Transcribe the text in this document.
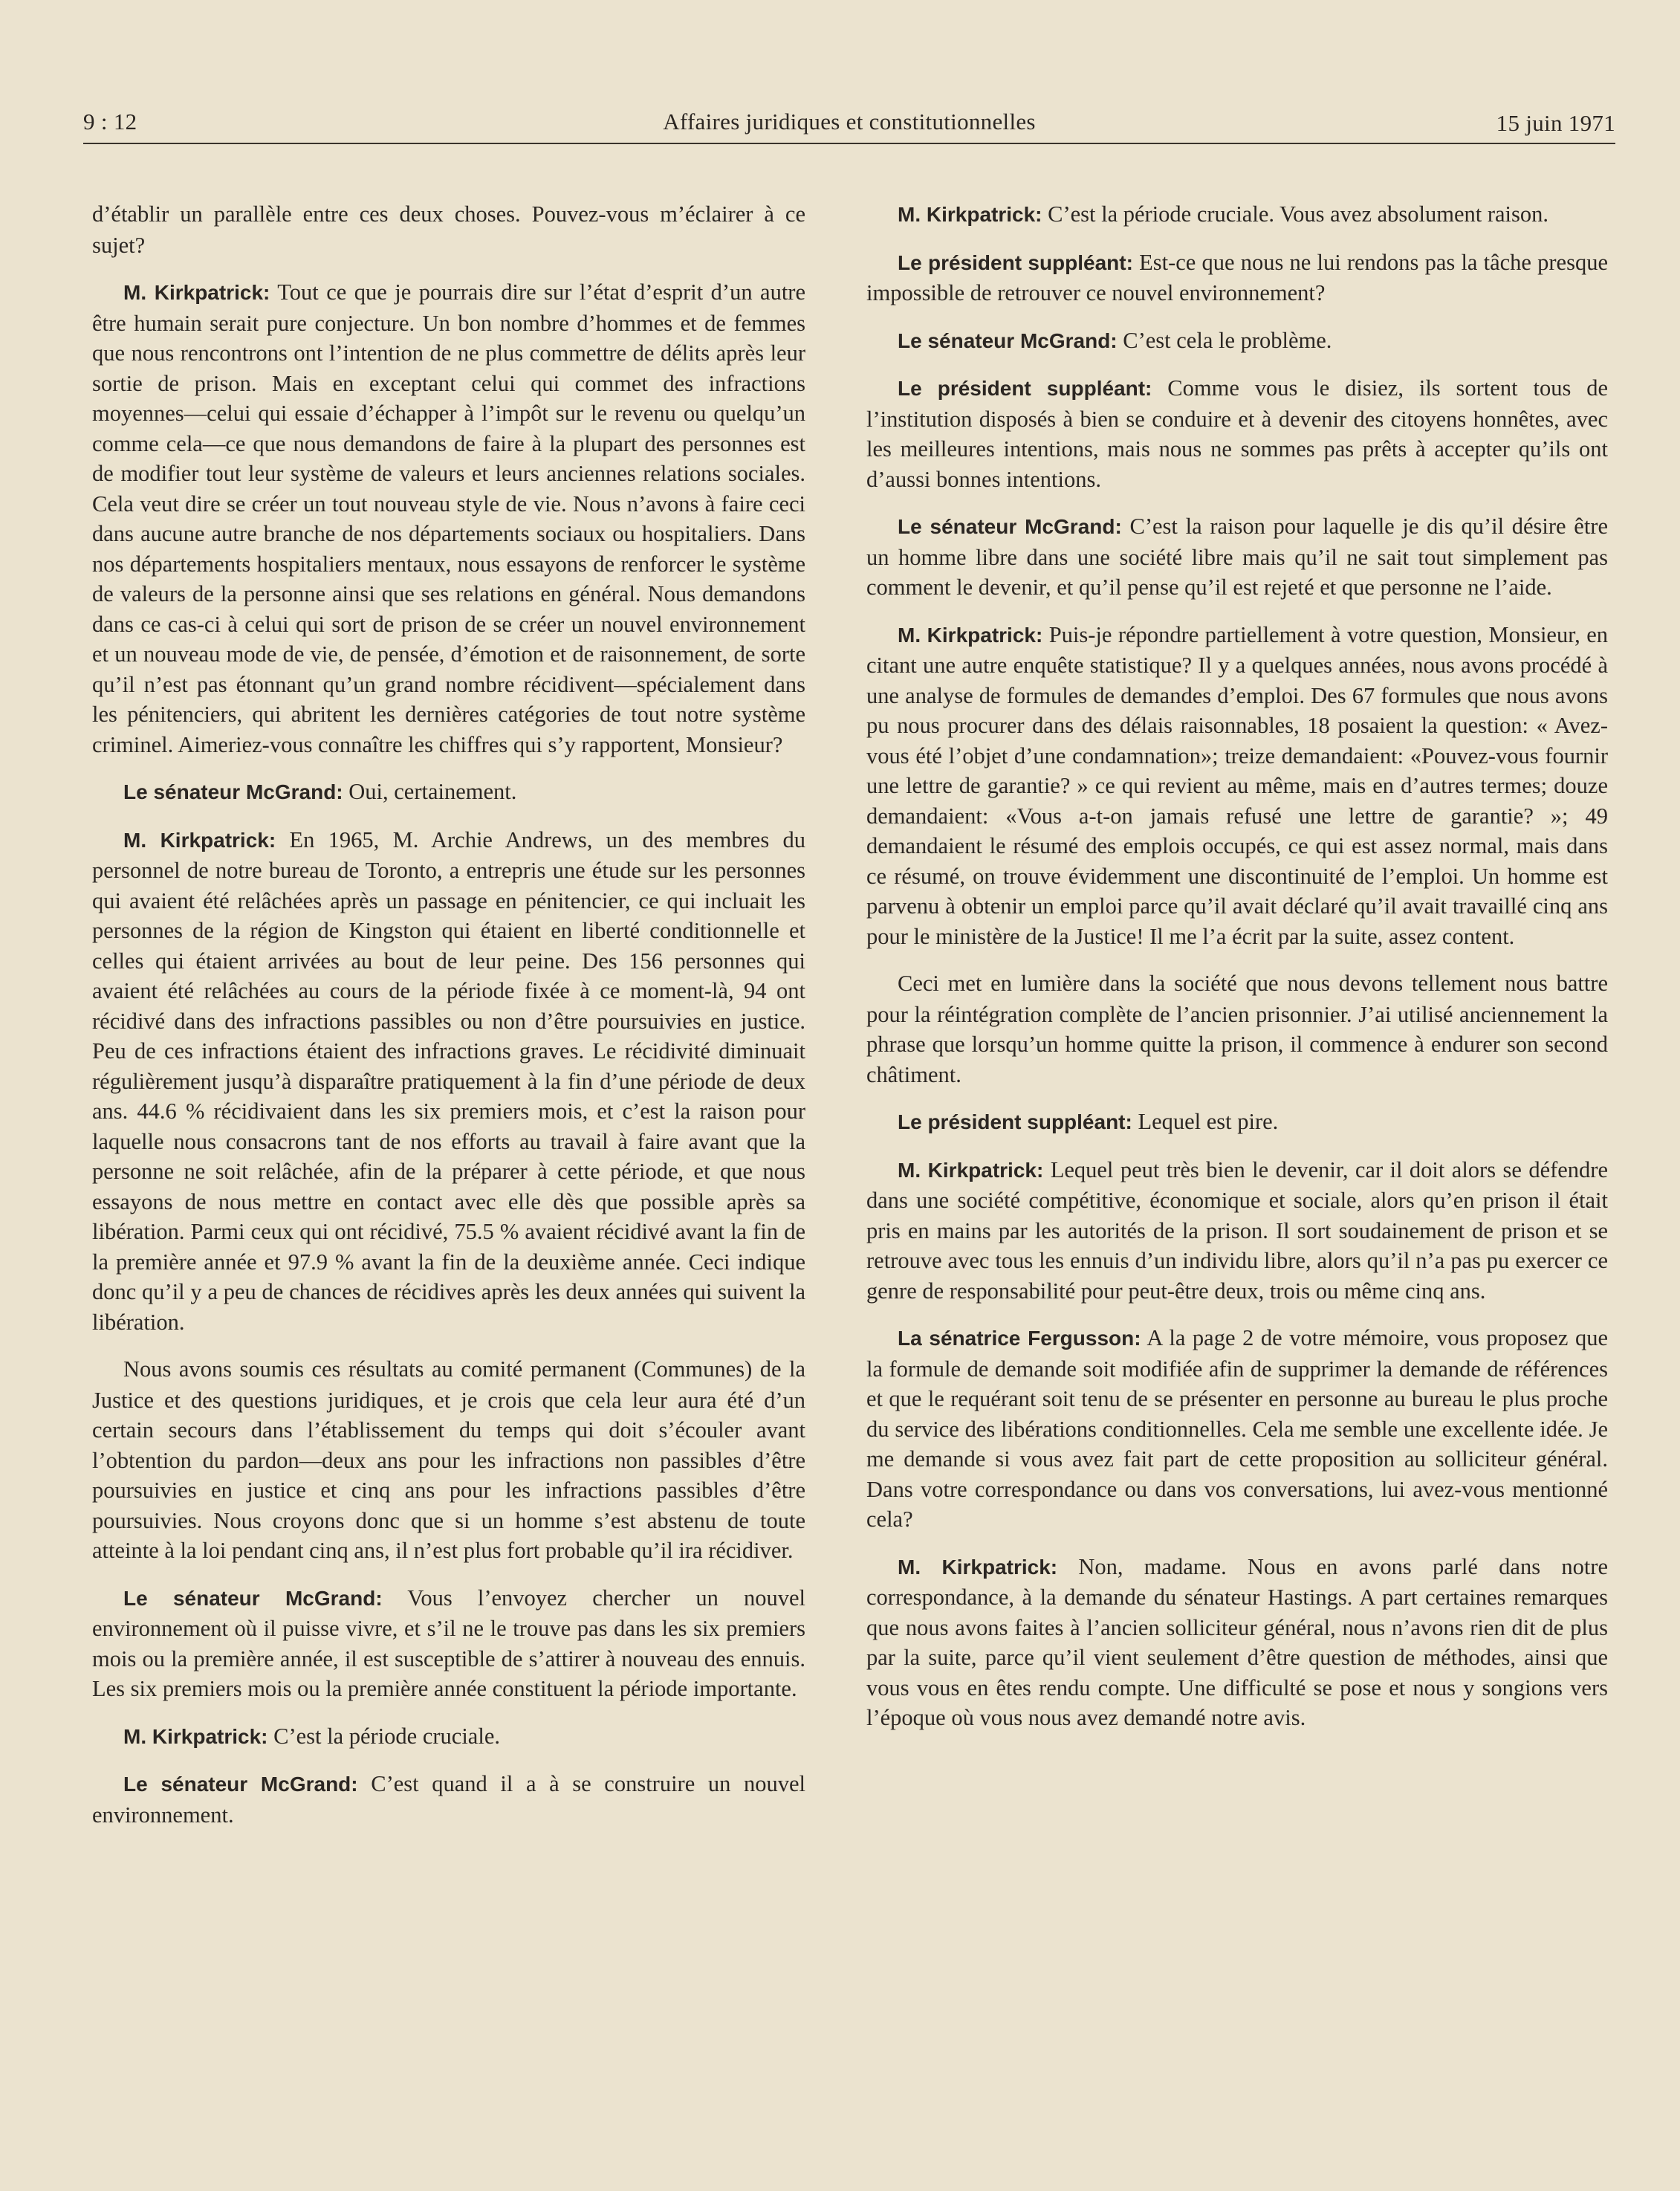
9 : 12	Affaires juridiques et constitutionnelles	15 juin 1971

d’établir un parallèle entre ces deux choses. Pouvez-vous m’éclairer à ce sujet?

M. Kirkpatrick: Tout ce que je pourrais dire sur l’état d’esprit d’un autre être humain serait pure conjecture. Un bon nombre d’hommes et de femmes que nous rencontrons ont l’intention de ne plus commettre de délits après leur sortie de prison. Mais en exceptant celui qui commet des infractions moyennes—celui qui essaie d’échapper à l’impôt sur le revenu ou quelqu’un comme cela—ce que nous demandons de faire à la plupart des personnes est de modifier tout leur système de valeurs et leurs anciennes relations sociales. Cela veut dire se créer un tout nouveau style de vie. Nous n’avons à faire ceci dans aucune autre branche de nos départements sociaux ou hospitaliers. Dans nos départements hospitaliers mentaux, nous essayons de renforcer le système de valeurs de la personne ainsi que ses relations en général. Nous demandons dans ce cas-ci à celui qui sort de prison de se créer un nouvel environnement et un nouveau mode de vie, de pensée, d’émotion et de raisonnement, de sorte qu’il n’est pas étonnant qu’un grand nombre récidivent—spécialement dans les pénitenciers, qui abritent les dernières catégories de tout notre système criminel. Aimeriez-vous connaître les chiffres qui s’y rapportent, Monsieur?

Le sénateur McGrand: Oui, certainement.

M. Kirkpatrick: En 1965, M. Archie Andrews, un des membres du personnel de notre bureau de Toronto, a entrepris une étude sur les personnes qui avaient été relâchées après un passage en pénitencier, ce qui incluait les personnes de la région de Kingston qui étaient en liberté conditionnelle et celles qui étaient arrivées au bout de leur peine. Des 156 personnes qui avaient été relâchées au cours de la période fixée à ce moment-là, 94 ont récidivé dans des infractions passibles ou non d’être poursuivies en justice. Peu de ces infractions étaient des infractions graves. Le récidivité diminuait régulièrement jusqu’à disparaître pratiquement à la fin d’une période de deux ans. 44.6 % récidivaient dans les six premiers mois, et c’est la raison pour laquelle nous consacrons tant de nos efforts au travail à faire avant que la personne ne soit relâchée, afin de la préparer à cette période, et que nous essayons de nous mettre en contact avec elle dès que possible après sa libération. Parmi ceux qui ont récidivé, 75.5 % avaient récidivé avant la fin de la première année et 97.9 % avant la fin de la deuxième année. Ceci indique donc qu’il y a peu de chances de récidives après les deux années qui suivent la libération.

Nous avons soumis ces résultats au comité permanent (Communes) de la Justice et des questions juridiques, et je crois que cela leur aura été d’un certain secours dans l’établissement du temps qui doit s’écouler avant l’obtention du pardon—deux ans pour les infractions non passibles d’être poursuivies en justice et cinq ans pour les infractions passibles d’être poursuivies. Nous croyons donc que si un homme s’est abstenu de toute atteinte à la loi pendant cinq ans, il n’est plus fort probable qu’il ira récidiver.

Le sénateur McGrand: Vous l’envoyez chercher un nouvel environnement où il puisse vivre, et s’il ne le trouve pas dans les six premiers mois ou la première année, il est susceptible de s’attirer à nouveau des ennuis. Les six premiers mois ou la première année constituent la période importante.

M. Kirkpatrick: C’est la période cruciale.

Le sénateur McGrand: C’est quand il a à se construire un nouvel environnement.

M. Kirkpatrick: C’est la période cruciale. Vous avez absolument raison.

Le président suppléant: Est-ce que nous ne lui rendons pas la tâche presque impossible de retrouver ce nouvel environnement?

Le sénateur McGrand: C’est cela le problème.

Le président suppléant: Comme vous le disiez, ils sortent tous de l’institution disposés à bien se conduire et à devenir des citoyens honnêtes, avec les meilleures intentions, mais nous ne sommes pas prêts à accepter qu’ils ont d’aussi bonnes intentions.

Le sénateur McGrand: C’est la raison pour laquelle je dis qu’il désire être un homme libre dans une société libre mais qu’il ne sait tout simplement pas comment le devenir, et qu’il pense qu’il est rejeté et que personne ne l’aide.

M. Kirkpatrick: Puis-je répondre partiellement à votre question, Monsieur, en citant une autre enquête statistique? Il y a quelques années, nous avons procédé à une analyse de formules de demandes d’emploi. Des 67 formules que nous avons pu nous procurer dans des délais raisonnables, 18 posaient la question: « Avez-vous été l’objet d’une condamnation»; treize demandaient: «Pouvez-vous fournir une lettre de garantie? » ce qui revient au même, mais en d’autres termes; douze demandaient: «Vous a-t-on jamais refusé une lettre de garantie? »; 49 demandaient le résumé des emplois occupés, ce qui est assez normal, mais dans ce résumé, on trouve évidemment une discontinuité de l’emploi. Un homme est parvenu à obtenir un emploi parce qu’il avait déclaré qu’il avait travaillé cinq ans pour le ministère de la Justice! Il me l’a écrit par la suite, assez content.

Ceci met en lumière dans la société que nous devons tellement nous battre pour la réintégration complète de l’ancien prisonnier. J’ai utilisé anciennement la phrase que lorsqu’un homme quitte la prison, il commence à endurer son second châtiment.

Le président suppléant: Lequel est pire.

M. Kirkpatrick: Lequel peut très bien le devenir, car il doit alors se défendre dans une société compétitive, économique et sociale, alors qu’en prison il était pris en mains par les autorités de la prison. Il sort soudainement de prison et se retrouve avec tous les ennuis d’un individu libre, alors qu’il n’a pas pu exercer ce genre de responsabilité pour peut-être deux, trois ou même cinq ans.

La sénatrice Fergusson: A la page 2 de votre mémoire, vous proposez que la formule de demande soit modifiée afin de supprimer la demande de références et que le requérant soit tenu de se présenter en personne au bureau le plus proche du service des libérations conditionnelles. Cela me semble une excellente idée. Je me demande si vous avez fait part de cette proposition au solliciteur général. Dans votre correspondance ou dans vos conversations, lui avez-vous mentionné cela?

M. Kirkpatrick: Non, madame. Nous en avons parlé dans notre correspondance, à la demande du sénateur Hastings. A part certaines remarques que nous avons faites à l’ancien solliciteur général, nous n’avons rien dit de plus par la suite, parce qu’il vient seulement d’être question de méthodes, ainsi que vous vous en êtes rendu compte. Une difficulté se pose et nous y songions vers l’époque où vous nous avez demandé notre avis.
